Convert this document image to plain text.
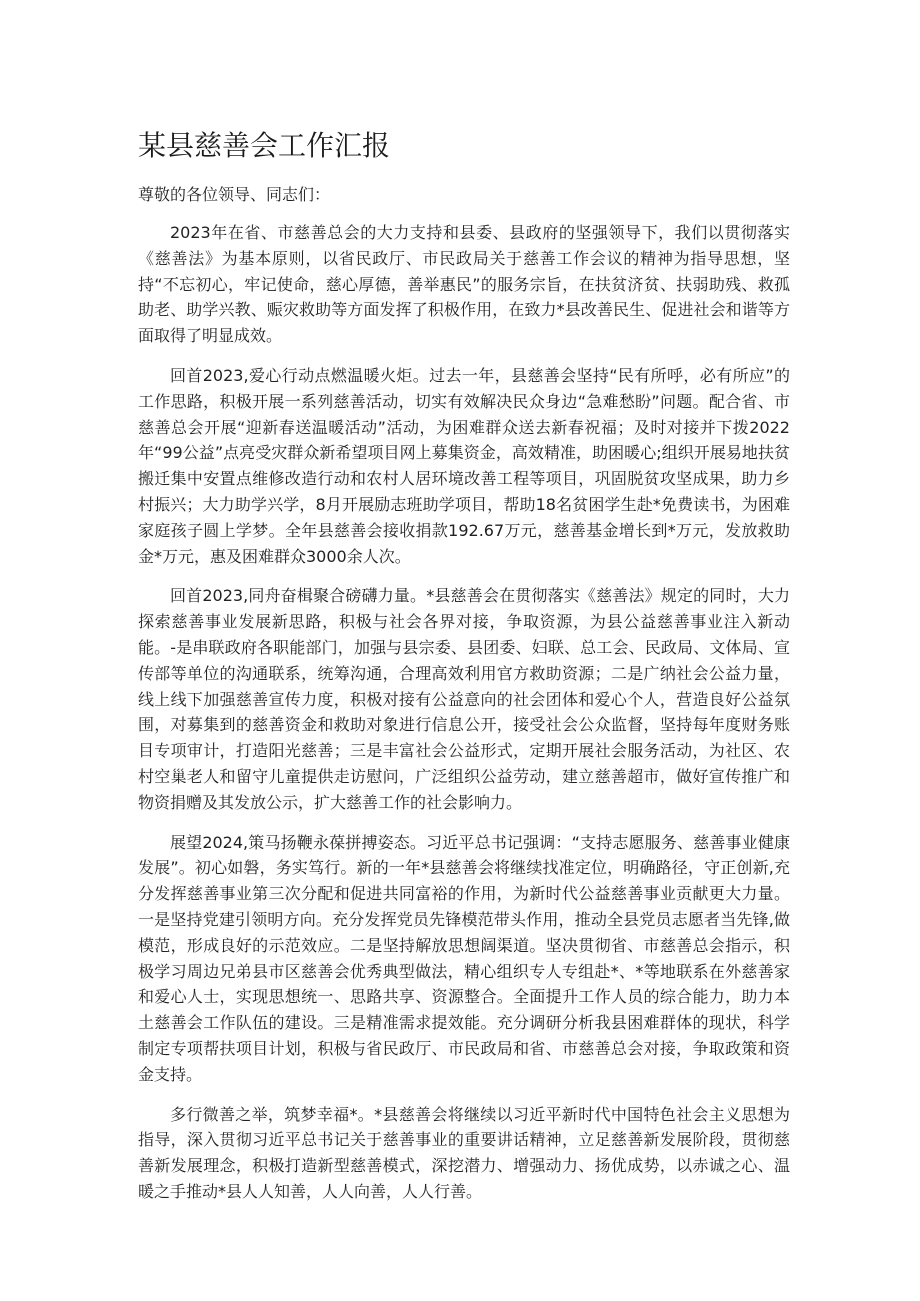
某县慈善会工作汇报

尊敬的各位领导、同志们：

2023年在省、市慈善总会的大力支持和县委、县政府的坚强领导下，我们以贯彻落实《慈善法》为基本原则，以省民政厅、市民政局关于慈善工作会议的精神为指导思想，坚持“不忘初心，牢记使命，慈心厚德，善举惠民”的服务宗旨，在扶贫济贫、扶弱助残、救孤助老、助学兴教、赈灾救助等方面发挥了积极作用，在致力*县改善民生、促进社会和谐等方面取得了明显成效。

回首2023,爱心行动点燃温暖火炬。过去一年，县慈善会坚持“民有所呼，必有所应”的工作思路，积极开展一系列慈善活动，切实有效解决民众身边“急难愁盼”问题。配合省、市慈善总会开展“迎新春送温暖活动”活动，为困难群众送去新春祝福；及时对接并下拨2022年“99公益”点亮受灾群众新希望项目网上募集资金，高效精准，助困暖心;组织开展易地扶贫搬迁集中安置点维修改造行动和农村人居环境改善工程等项目，巩固脱贫攻坚成果，助力乡村振兴；大力助学兴学，8月开展励志班助学项目，帮助18名贫困学生赴*免费读书，为困难家庭孩子圆上学梦。全年县慈善会接收捐款192.67万元，慈善基金增长到*万元，发放救助金*万元，惠及困难群众3000余人次。

回首2023,同舟奋楫聚合磅礴力量。*县慈善会在贯彻落实《慈善法》规定的同时，大力探索慈善事业发展新思路，积极与社会各界对接，争取资源，为县公益慈善事业注入新动能。-是串联政府各职能部门，加强与县宗委、县团委、妇联、总工会、民政局、文体局、宣传部等单位的沟通联系，统筹沟通，合理高效利用官方救助资源；二是广纳社会公益力量，线上线下加强慈善宣传力度，积极对接有公益意向的社会团体和爱心个人，营造良好公益氛围，对募集到的慈善资金和救助对象进行信息公开，接受社会公众监督，坚持每年度财务账目专项审计，打造阳光慈善；三是丰富社会公益形式，定期开展社会服务活动，为社区、农村空巢老人和留守儿童提供走访慰问，广泛组织公益劳动，建立慈善超市，做好宣传推广和物资捐赠及其发放公示，扩大慈善工作的社会影响力。

展望2024,策马扬鞭永葆拼搏姿态。习近平总书记强调：“支持志愿服务、慈善事业健康发展”。初心如磐，务实笃行。新的一年*县慈善会将继续找准定位，明确路径，守正创新,充分发挥慈善事业第三次分配和促进共同富裕的作用，为新时代公益慈善事业贡献更大力量。一是坚持党建引领明方向。充分发挥党员先锋模范带头作用，推动全县党员志愿者当先锋,做模范，形成良好的示范效应。二是坚持解放思想阔渠道。坚决贯彻省、市慈善总会指示，积极学习周边兄弟县市区慈善会优秀典型做法，精心组织专人专组赴*、*等地联系在外慈善家和爱心人士，实现思想统一、思路共享、资源整合。全面提升工作人员的综合能力，助力本土慈善会工作队伍的建设。三是精准需求提效能。充分调研分析我县困难群体的现状，科学制定专项帮扶项目计划，积极与省民政厅、市民政局和省、市慈善总会对接，争取政策和资金支持。

多行微善之举，筑梦幸福*。*县慈善会将继续以习近平新时代中国特色社会主义思想为指导，深入贯彻习近平总书记关于慈善事业的重要讲话精神，立足慈善新发展阶段，贯彻慈善新发展理念，积极打造新型慈善模式，深挖潜力、增强动力、扬优成势，以赤诚之心、温暖之手推动*县人人知善，人人向善，人人行善。
